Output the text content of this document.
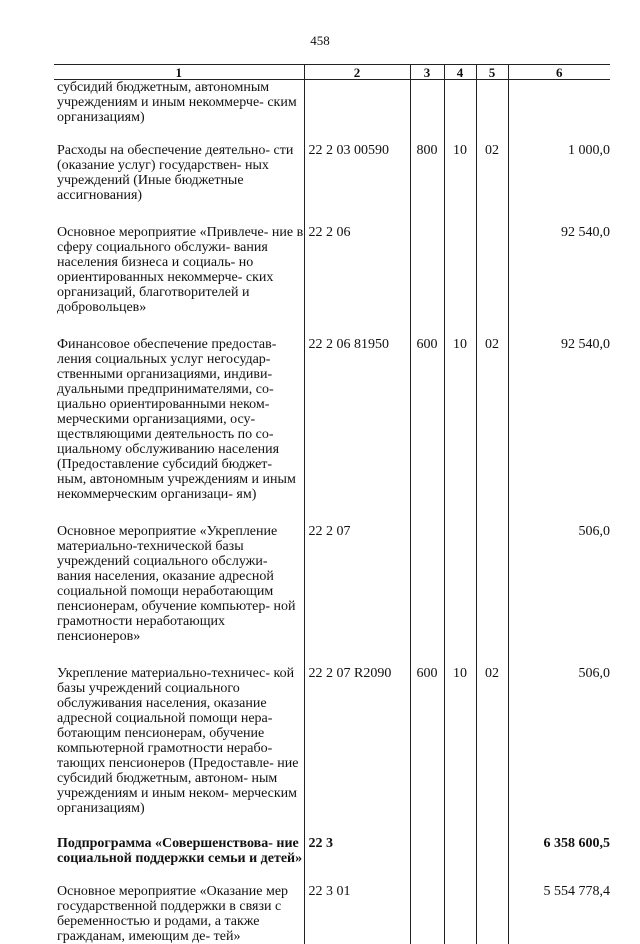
458
1	2	3	4	5	6
субсидий бюджетным, автономным учреждениям и иным некоммерче- ским организациям)					
Расходы на обеспечение деятельно- сти (оказание услуг) государствен- ных учреждений (Иные бюджетные ассигнования)	22 2 03 00590	800	10	02	1 000,0
Основное мероприятие «Привлече- ние в сферу социального обслужи- вания населения бизнеса и социаль- но ориентированных некоммерче- ских организаций, благотворителей и добровольцев»	22 2 06				92 540,0
Финансовое обеспечение предостав- ления социальных услуг негосудар- ственными организациями, индиви- дуальными предпринимателями, со- циально ориентированными неком- мерческими организациями, осу- ществляющими деятельность по со- циальному обслуживанию населения (Предоставление субсидий бюджет- ным, автономным учреждениям и иным некоммерческим организаци- ям)	22 2 06 81950	600	10	02	92 540,0
Основное мероприятие «Укрепление материально-технической базы учреждений социального обслужи- вания населения, оказание адресной социальной помощи неработающим пенсионерам, обучение компьютер- ной грамотности неработающих пенсионеров»	22 2 07				506,0
Укрепление материально-техничес- кой базы учреждений социального обслуживания населения, оказание адресной социальной помощи нера- ботающим пенсионерам, обучение компьютерной грамотности нерабо- тающих пенсионеров (Предоставле- ние субсидий бюджетным, автоном- ным учреждениям и иным неком- мерческим организациям)	22 2 07 R2090	600	10	02	506,0
Подпрограмма «Совершенствова- ние социальной поддержки семьи и детей»	22 3				6 358 600,5
Основное мероприятие «Оказание мер государственной поддержки в связи с беременностью и родами, а также гражданам, имеющим де- тей»	22 3 01				5 554 778,4
